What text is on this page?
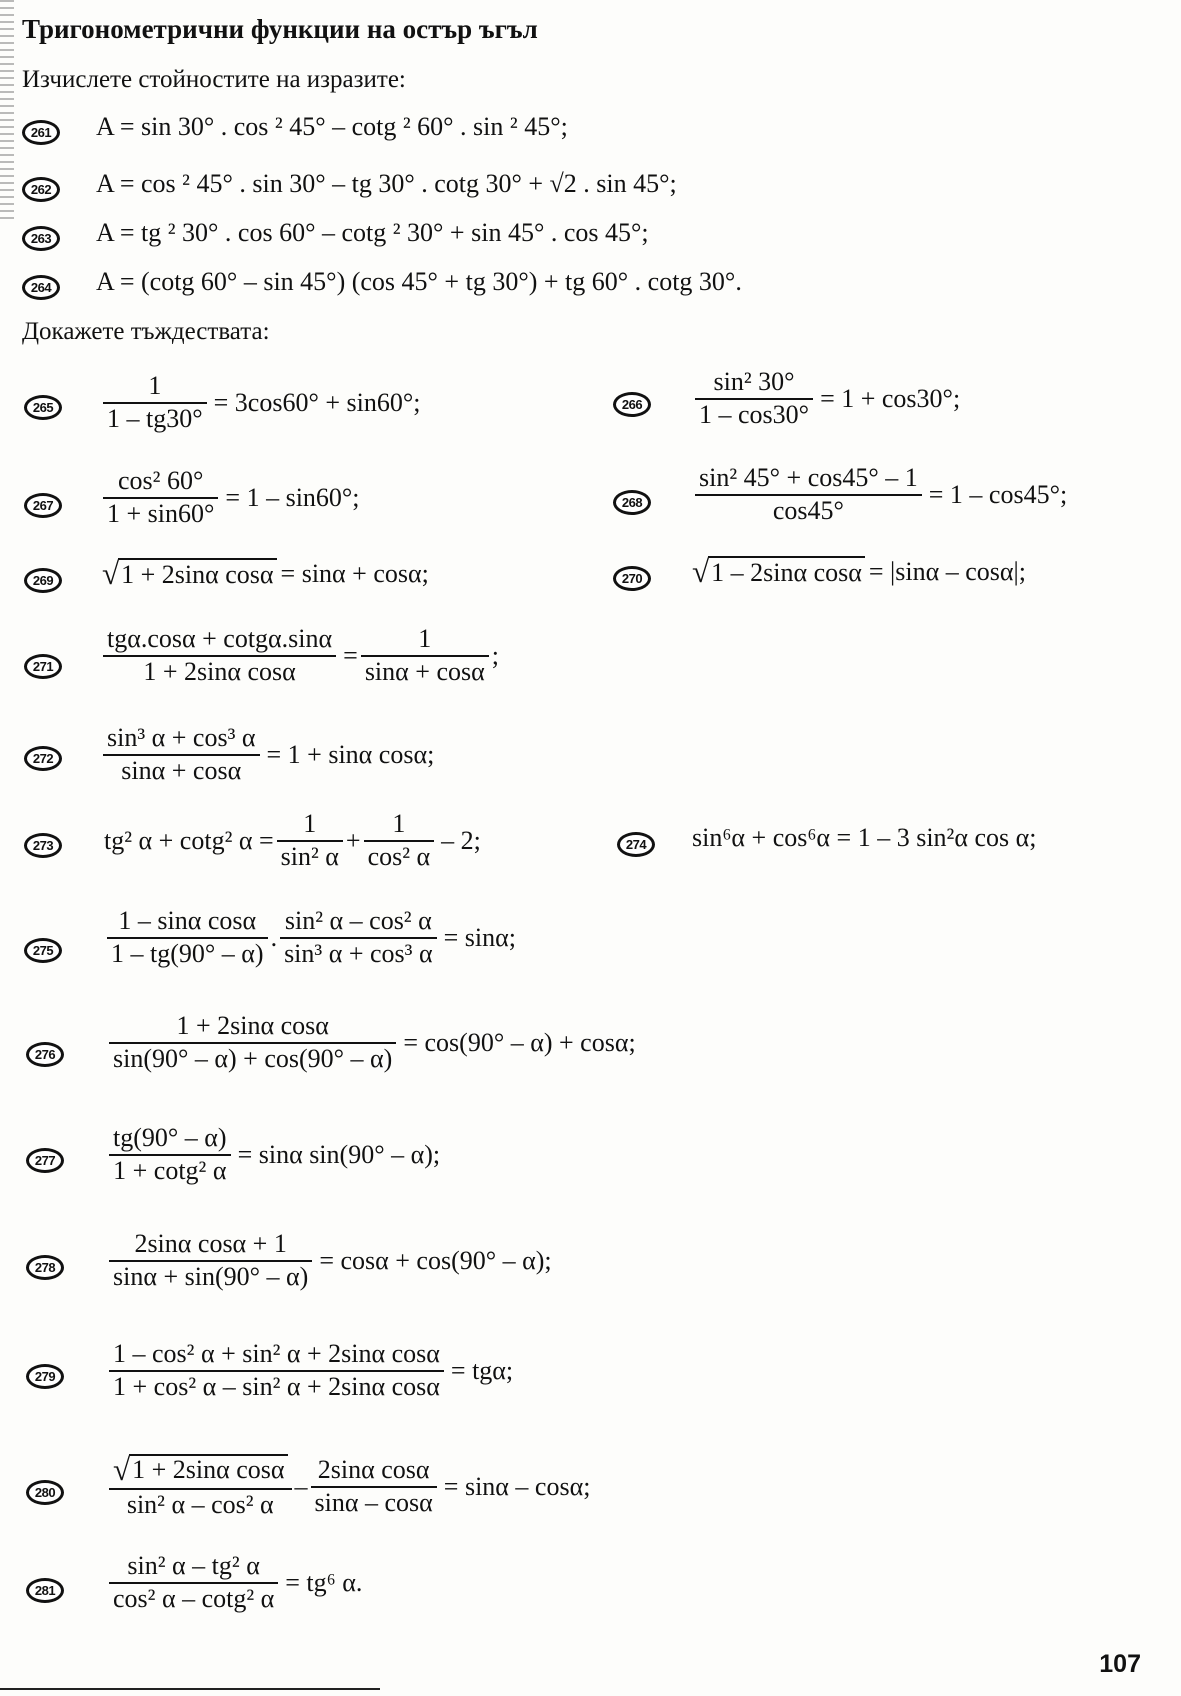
Тригонометрични функции на остър ъгъл
Изчислете стойностите на изразите:
261	A = sin 30° . cos ² 45° – cotg ² 60° . sin ² 45°;
262	A = cos ² 45° . sin 30° – tg 30° . cotg 30° + √2 . sin 45°;
263	A = tg ² 30° . cos 60° – cotg ² 30° + sin 45° . cos 45°;
264	A = (cotg 60° – sin 45°) (cos 45° + tg 30°) + tg 60° . cotg 30°.
Докажете тъждествата:
265	$\frac{1}{1 - tg30^\circ} = 3\cos 60^\circ + \sin 60^\circ$;	266	$\frac{\text{sin² 30°}}{1 - \cos 30^\circ} = 1 + \cos 30^\circ$;
267	$\frac{\text{cos² 60°}}{1 + \sin 60^\circ} = 1 - \sin 60^\circ$;	268	$\frac{\text{sin² 45° + cos45° – 1}}{\cos 45^\circ} = 1 - \cos 45^\circ$;
269 √ 1 + 2sinα cosα = sinα + cosα;	270 √ 1 – 2sinα cosα = |sinα – cosα|;
271	$\frac{\text{tgα.cosα + cotgα.sinα}}{\text{1 + 2sinα cosα}} = \frac{1}{\sin\alpha + \cos\alpha}$ ;
272	$\frac{\text{sin³ α + cos³ α}}{\sin\alpha + \cos\alpha} = 1 + \sin\alpha$ cosα;
273	tg² α + cotg² $\alpha = \frac{1}{\text{sin² α}} + \frac{1}{\text{cos² α}} - 2$;	274	sin⁶α + cos⁶α = 1 – 3 sin²α cos α;
275	$\frac{\text{1 – sinα cosα}}{1 - tg(90^\circ - \alpha)}$ . $\frac{\text{sin² α – cos² α}}{\text{sin³ α + cos³ α}} = \sin\alpha$;
276	$\frac{\text{1 + 2sinα cosα}}{\sin(90^\circ - \alpha) + \cos(90^\circ - \alpha)} = \cos(90^\circ - \alpha) + \cos\alpha$;
277	$\frac{tg(90^\circ - \alpha)}{\text{1 + cotg² α}} = \sin\alpha$ sin(90° – α);
278	$\frac{\text{2sinα cosα + 1}}{\sin\alpha + \sin(90^\circ - \alpha)} = \cos\alpha + \cos(90^\circ - \alpha)$;
279	$\frac{\text{1 – cos² α + sin² α + 2sinα cosα}}{\text{1 + cos² α – sin² α + 2sinα cosα}} = tg\alpha$;
$280 \frac{\text{√ 1 + 2sinα cosα}}{\text{sin² α – cos² α}} - \frac{\text{2sinα cosα}}{\sin\alpha - \cos\alpha} = \sin\alpha - \cos\alpha$;
281	$\frac{\text{sin² α – tg² α}}{\text{cos² α – cotg² α}} = tg^6$ α.
107
